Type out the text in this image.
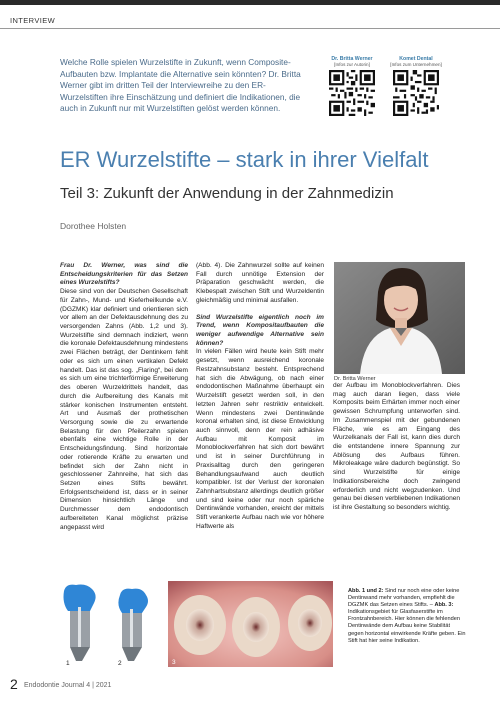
INTERVIEW
Welche Rolle spielen Wurzelstifte in Zukunft, wenn Composite-Aufbauten bzw. Implantate die Alternative sein könnten? Dr. Britta Werner gibt im dritten Teil der Interviewreihe zu den ER-Wurzelstiften ihre Einschätzung und definiert die Indikationen, die auch in Zukunft nur mit Wurzelstiften gelöst werden können.
Dr. Britta Werner
[Infos zur Autorin]
Komet Dental
[Infos zum Unternehmen]
ER Wurzelstifte – stark in ihrer Vielfalt
Teil 3: Zukunft der Anwendung in der Zahnmedizin
Dorothee Holsten

Frau Dr. Werner, was sind die Entscheidungskriterien für das Setzen eines Wurzelstifts?

Diese sind von der Deutschen Gesellschaft für Zahn-, Mund- und Kieferheilkunde e.V. (DGZMK) klar definiert und orientieren sich vor allem an der Defektausdehnung des zu versorgenden Zahns (Abb. 1,2 und 3). Wurzelstifte sind demnach indiziert, wenn die koronale Defektausdehnung mindestens zwei Flächen beträgt, der Dentinkern fehlt oder es sich um einen vertikalen Defekt handelt. Das ist das sog. „Flaring“, bei dem es sich um eine trichterförmige Erweiterung des oberen Wurzeldrittels handelt, das durch die Aufbereitung des Kanals mit stärker konischen Instrumenten entsteht. Art und Ausmaß der prothetischen Versorgung sowie die zu erwartende Belastung für den Pfeilerzahn spielen ebenfalls eine wichtige Rolle in der Entscheidungsfindung. Sind horizontale oder rotierende Kräfte zu erwarten und befindet sich der Zahn nicht in geschlossener Zahnreihe, hat sich das Setzen eines Stifts bewährt. Erfolgsentscheidend ist, dass er in seiner Dimension hinsichtlich Länge und Durchmesser dem endodontisch aufbereiteten Kanal möglichst präzise angepasst wird

(Abb. 4). Die Zahnwurzel sollte auf keinen Fall durch unnötige Extension der Präparation geschwächt werden, die Klebespalt zwischen Stift und Wurzeldentin gleichmäßig und minimal ausfallen.

Sind Wurzelstifte eigentlich noch im Trend, wenn Kompositaufbauten die weniger aufwendige Alternative sein können?

In vielen Fällen wird heute kein Stift mehr gesetzt, wenn ausreichend koronale Restzahnsubstanz besteht. Entsprechend hat sich die Abwägung, ob nach einer endodontischen Maßnahme überhaupt ein Wurzelstift gesetzt werden soll, in den letzten Jahren sehr restriktiv entwickelt. Wenn mindestens zwei Dentinwände koronal erhalten sind, ist diese Entwicklung auch sinnvoll, denn der rein adhäsive Aufbau mit Komposit im Monoblockverfahren hat sich dort bewährt und ist in seiner Durchführung in Praxisalltag durch den geringeren Behandlungsaufwand auch deutlich kompatibler. Ist der Verlust der koronalen Zahnhartsubstanz allerdings deutlich größer und sind keine oder nur noch spärliche Dentinwände vorhanden, ereicht der mittels Stift verankerte Aufbau nach wie vor höhere Haftwerte als

Dr. Britta Werner

der Aufbau im Monoblockverfahren. Dies mag auch daran liegen, dass viele Komposits beim Erhärten immer noch einer gewissen Schrumpfung unterworfen sind. Im Zusammenspiel mit der gebundenen Fläche, wie es am Eingang des Wurzelkanals der Fall ist, kann dies durch die entstandene innere Spannung zur Ablösung des Aufbaus führen. Mikroleakage wäre dadurch begünstigt. So sind Wurzelstifte für einige Indikationsbereiche doch zwingend erforderlich und nicht wegzudenken. Und genau bei diesen verbliebenen Indikationen ist ihre Gestaltung so besonders wichtig.

1	2	3
Abb. 1 und 2: Sind nur noch eine oder keine Dentinwand mehr vorhanden, empfiehlt die DGZMK das Setzen eines Stifts. – Abb. 3: Indikationsgebiet für Glasfaserstifte im Frontzahnbereich. Hier können die fehlenden Dentinwände dem Aufbau keine Stabilität gegen horizontal einwirkende Kräfte geben. Ein Stift hat hier seine Indikation.
2 Endodontie Journal 4 | 2021
